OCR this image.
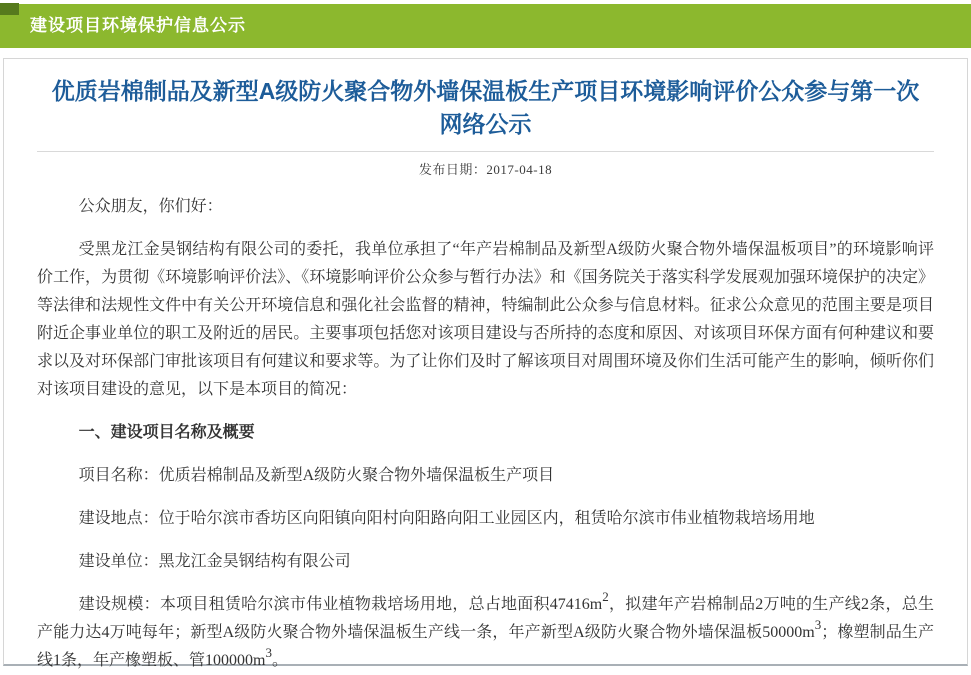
建设项目环境保护信息公示
优质岩棉制品及新型A级防火聚合物外墙保温板生产项目环境影响评价公众参与第一次网络公示
发布日期：2017-04-18

公众朋友，你们好：

受黑龙江金昊钢结构有限公司的委托，我单位承担了“年产岩棉制品及新型A级防火聚合物外墙保温板项目”的环境影响评价工作，为贯彻《环境影响评价法》、《环境影响评价公众参与暂行办法》和《国务院关于落实科学发展观加强环境保护的决定》等法律和法规性文件中有关公开环境信息和强化社会监督的精神，特编制此公众参与信息材料。征求公众意见的范围主要是项目附近企事业单位的职工及附近的居民。主要事项包括您对该项目建设与否所持的态度和原因、对该项目环保方面有何种建议和要求以及对环保部门审批该项目有何建议和要求等。为了让你们及时了解该项目对周围环境及你们生活可能产生的影响，倾听你们对该项目建设的意见，以下是本项目的简况：

一、建设项目名称及概要

项目名称：优质岩棉制品及新型A级防火聚合物外墙保温板生产项目

建设地点：位于哈尔滨市香坊区向阳镇向阳村向阳路向阳工业园区内，租赁哈尔滨市伟业植物栽培场用地

建设单位：黑龙江金昊钢结构有限公司

建设规模：本项目租赁哈尔滨市伟业植物栽培场用地，总占地面积$47416m^2$，拟建年产岩棉制品2万吨的生产线2条，总生产能力达4万吨每年；新型A级防火聚合物外墙保温板生产线一条，年产新型A级防火聚合物外墙保温板$50000m^3$；橡塑制品生产线1条，年产橡塑板、管$100000m^3$。
